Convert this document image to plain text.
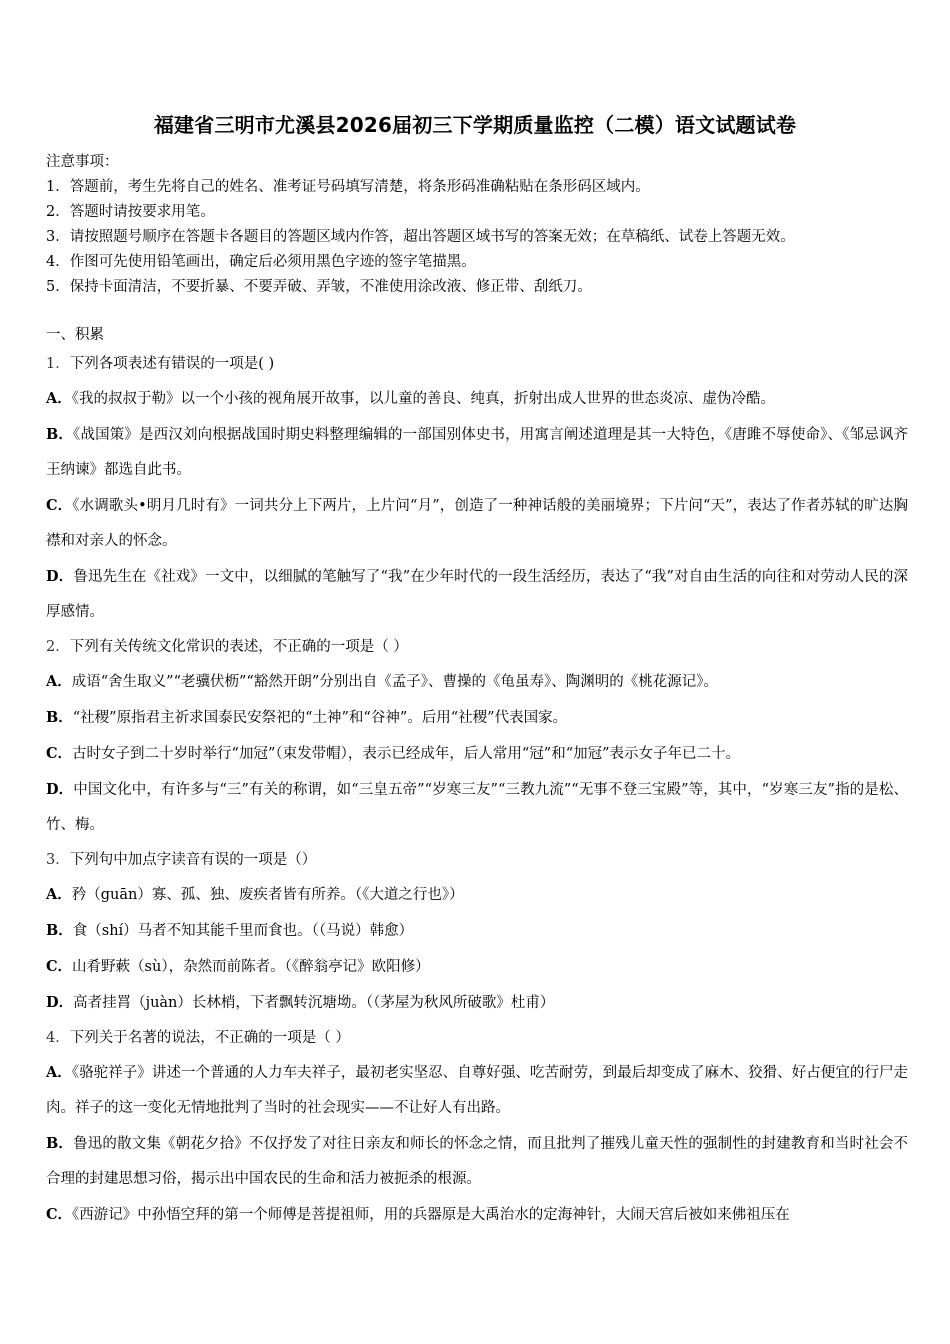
福建省三明市尤溪县2026届初三下学期质量监控（二模）语文试题试卷
注意事项：
1．答题前，考生先将自己的姓名、准考证号码填写清楚，将条形码准确粘贴在条形码区域内。
2．答题时请按要求用笔。
3．请按照题号顺序在答题卡各题目的答题区域内作答，超出答题区域书写的答案无效；在草稿纸、试卷上答题无效。
4．作图可先使用铅笔画出，确定后必须用黑色字迹的签字笔描黑。
5．保持卡面清洁，不要折暴、不要弄破、弄皱，不准使用涂改液、修正带、刮纸刀。
一、积累
1．下列各项表述有错误的一项是( )
A．《我的叔叔于勒》以一个小孩的视角展开故事，以儿童的善良、纯真，折射出成人世界的世态炎凉、虚伪冷酷。
B．《战国策》是西汉刘向根据战国时期史料整理编辑的一部国别体史书，用寓言阐述道理是其一大特色，《唐雎不辱使命》、《邹忌讽齐王纳谏》都选自此书。
C．《水调歌头•明月几时有》一词共分上下两片，上片问“月”，创造了一种神话般的美丽境界；下片问“天”，表达了作者苏轼的旷达胸襟和对亲人的怀念。
D．鲁迅先生在《社戏》一文中，以细腻的笔触写了“我”在少年时代的一段生活经历，表达了“我”对自由生活的向往和对劳动人民的深厚感情。
2．下列有关传统文化常识的表述，不正确的一项是（ ）
A．成语“舍生取义”“老骥伏枥”“豁然开朗”分别出自《孟子》、曹操的《龟虽寿》、陶渊明的《桃花源记》。
B．“社稷”原指君主祈求国泰民安祭祀的“土神”和“谷神”。后用“社稷”代表国家。
C．古时女子到二十岁时举行“加冠”（束发带帽），表示已经成年，后人常用“冠”和“加冠”表示女子年已二十。
D．中国文化中，有许多与“三”有关的称谓，如“三皇五帝”“岁寒三友”“三教九流”“无事不登三宝殿”等，其中，“岁寒三友”指的是松、竹、梅。
3．下列句中加点字读音有误的一项是（）
A．矜（guān）寡、孤、独、废疾者皆有所养。（《大道之行也》）
B．食（shí）马者不知其能千里而食也。（（马说）韩愈）
C．山肴野蔌（sù），杂然而前陈者。（《醉翁亭记》欧阳修）
D．高者挂罥（juàn）长林梢，下者飘转沉塘坳。（（茅屋为秋风所破歌》杜甫）
4．下列关于名著的说法，不正确的一项是（ ）
A．《骆驼祥子》讲述一个普通的人力车夫祥子，最初老实坚忍、自尊好强、吃苦耐劳，到最后却变成了麻木、狡猾、好占便宜的行尸走肉。祥子的这一变化无情地批判了当时的社会现实——不让好人有出路。
B．鲁迅的散文集《朝花夕拾》不仅抒发了对往日亲友和师长的怀念之情，而且批判了摧残儿童天性的强制性的封建教育和当时社会不合理的封建思想习俗，揭示出中国农民的生命和活力被扼杀的根源。
C．《西游记》中孙悟空拜的第一个师傅是菩提祖师，用的兵器原是大禹治水的定海神针，大闹天宫后被如来佛祖压在
